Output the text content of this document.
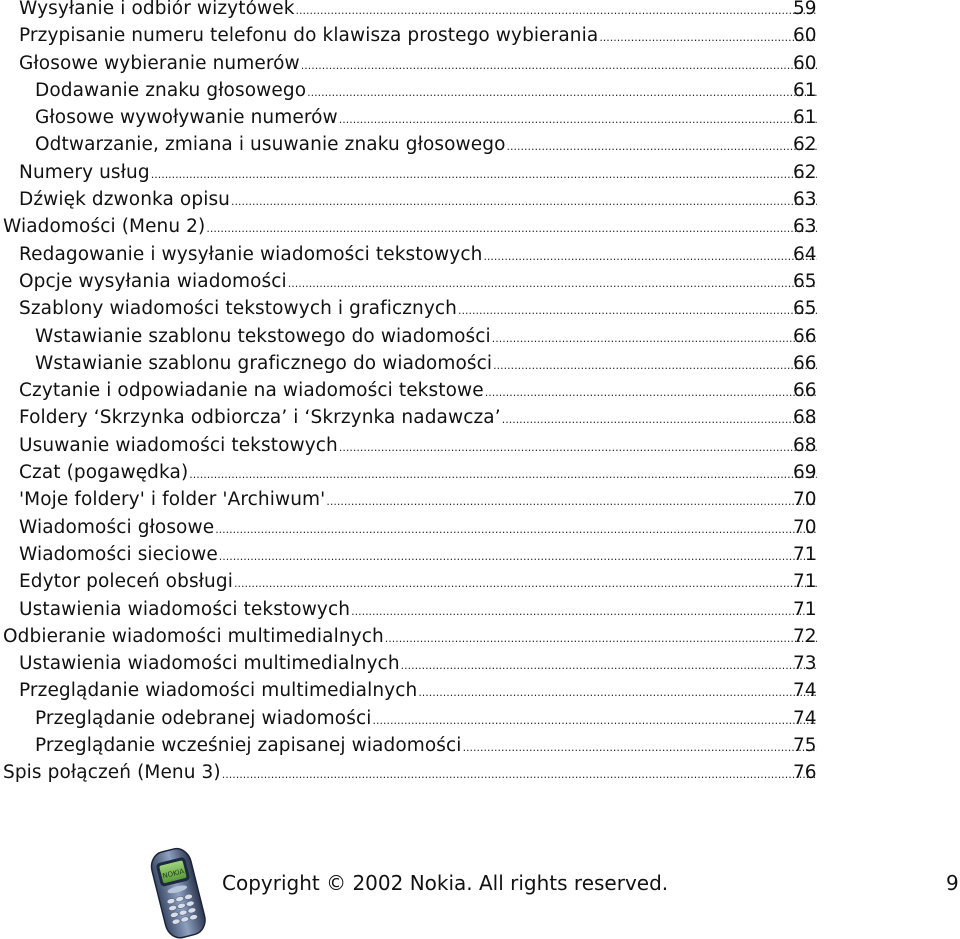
Wysyłanie i odbiór wizytówek .....	59
Przypisanie numeru telefonu do klawisza prostego wybierania .....	60
Głosowe wybieranie numerów .....	60
Dodawanie znaku głosowego .....	61
Głosowe wywoływanie numerów .....	61
Odtwarzanie, zmiana i usuwanie znaku głosowego .....	62
Numery usług .....	62
Dźwięk dzwonka opisu .....	63
Wiadomości (Menu 2) .....	63
Redagowanie i wysyłanie wiadomości tekstowych .....	64
Opcje wysyłania wiadomości .....	65
Szablony wiadomości tekstowych i graficznych .....	65
Wstawianie szablonu tekstowego do wiadomości .....	66
Wstawianie szablonu graficznego do wiadomości .....	66
Czytanie i odpowiadanie na wiadomości tekstowe .....	66
Foldery ‘Skrzynka odbiorcza’ i ‘Skrzynka nadawcza’ .....	68
Usuwanie wiadomości tekstowych .....	68
Czat (pogawędka) .....	69
'Moje foldery' i folder 'Archiwum' .....	70
Wiadomości głosowe .....	70
Wiadomości sieciowe .....	71
Edytor poleceń obsługi .....	71
Ustawienia wiadomości tekstowych .....	71
Odbieranie wiadomości multimedialnych .....	72
Ustawienia wiadomości multimedialnych .....	73
Przeglądanie wiadomości multimedialnych .....	74
Przeglądanie odebranej wiadomości .....	74
Przeglądanie wcześniej zapisanej wiadomości .....	75
Spis połączeń (Menu 3) .....	76
NOKIA Copyright © 2002 Nokia. All rights reserved.	9
